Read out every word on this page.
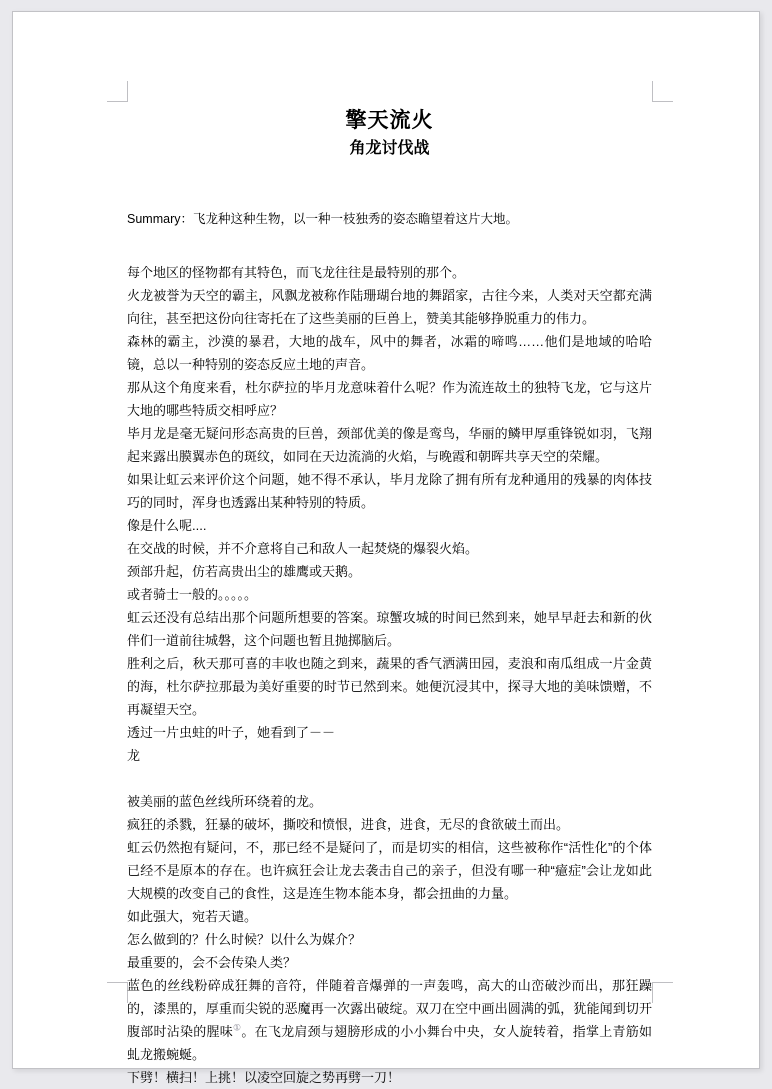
擎天流火
角龙讨伐战

Summary：飞龙种这种生物，以一种一枝独秀的姿态瞻望着这片大地。

每个地区的怪物都有其特色，而飞龙往往是最特别的那个。

火龙被誉为天空的霸主，风飘龙被称作陆珊瑚台地的舞蹈家，古往今来，人类对天空都充满向往，甚至把这份向往寄托在了这些美丽的巨兽上，赞美其能够挣脱重力的伟力。

森林的霸主，沙漠的暴君，大地的战车，风中的舞者，冰霜的啼鸣……他们是地域的哈哈镜，总以一种特别的姿态反应土地的声音。

那从这个角度来看，杜尔萨拉的毕月龙意味着什么呢？作为流连故土的独特飞龙，它与这片大地的哪些特质交相呼应？

毕月龙是毫无疑问形态高贵的巨兽，颈部优美的像是鸾鸟，华丽的鳞甲厚重锋锐如羽，飞翔起来露出膜翼赤色的斑纹，如同在天边流淌的火焰，与晚霞和朝晖共享天空的荣耀。

如果让虹云来评价这个问题，她不得不承认，毕月龙除了拥有所有龙种通用的残暴的肉体技巧的同时，浑身也透露出某种特别的特质。

像是什么呢....

在交战的时候，并不介意将自己和敌人一起焚烧的爆裂火焰。

颈部升起，仿若高贵出尘的雄鹰或天鹅。

或者骑士一般的。。。。。

虹云还没有总结出那个问题所想要的答案。琼蟹攻城的时间已然到来，她早早赶去和新的伙伴们一道前往城磐，这个问题也暂且抛掷脑后。

胜利之后，秋天那可喜的丰收也随之到来，蔬果的香气洒满田园，麦浪和南瓜组成一片金黄的海，杜尔萨拉那最为美好重要的时节已然到来。她便沉浸其中，探寻大地的美味馈赠，不再凝望天空。

透过一片虫蛀的叶子，她看到了－－

龙

被美丽的蓝色丝线所环绕着的龙。

疯狂的杀戮，狂暴的破坏，撕咬和愤恨，进食，进食，无尽的食欲破土而出。

虹云仍然抱有疑问，不，那已经不是疑问了，而是切实的相信，这些被称作“活性化”的个体已经不是原本的存在。也许疯狂会让龙去袭击自己的亲子，但没有哪一种“癔症”会让龙如此大规模的改变自己的食性，这是连生物本能本身，都会扭曲的力量。

如此强大，宛若天谴。

怎么做到的？什么时候？以什么为媒介？

最重要的，会不会传染人类？

蓝色的丝线粉碎成狂舞的音符，伴随着音爆弹的一声轰鸣，高大的山峦破沙而出，那狂躁的，漆黑的，厚重而尖锐的恶魔再一次露出破绽。双刀在空中画出圆满的弧，犹能闻到切开腹部时沾染的腥味①。在飞龙肩颈与翅膀形成的小小舞台中央，女人旋转着，指掌上青筋如虬龙搬蜿蜒。

下劈！横扫！上挑！以凌空回旋之势再劈一刀！
